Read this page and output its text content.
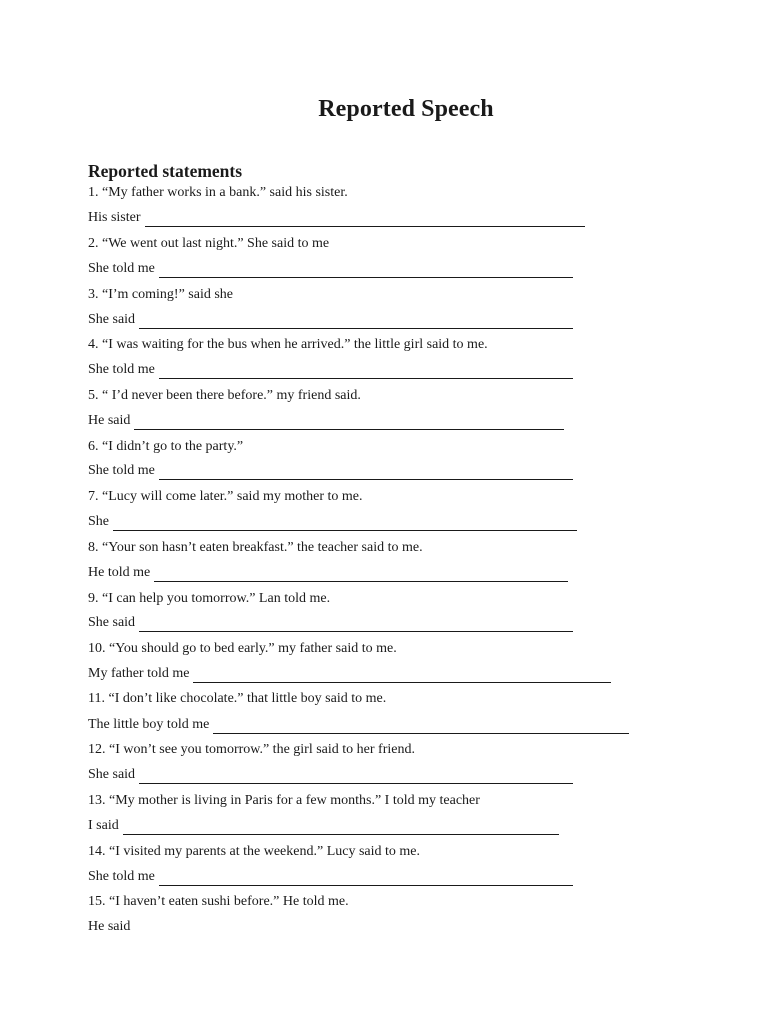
Reported Speech
Reported statements
1. “My father works in a bank.” said his sister.
His sister
2. “We went out last night.” She said to me
She told me
3. “I’m coming!” said she
She said
4. “I was waiting for the bus when he arrived.” the little girl said to me.
She told me
5. “ I’d never been there before.” my friend said.
He said
6. “I didn’t go to the party.”
She told me
7. “Lucy will come later.” said my mother to me.
She
8. “Your son hasn’t eaten breakfast.” the teacher said to me.
He told me
9. “I can help you tomorrow.” Lan told me.
She said
10. “You should go to bed early.” my father said to me.
My father told me
11. “I don’t like chocolate.” that little boy said to me.
The little boy told me
12. “I won’t see you tomorrow.” the girl said to her friend.
She said
13. “My mother is living in Paris for a few months.” I told my teacher
I said
14. “I visited my parents at the weekend.” Lucy said to me.
She told me
15. “I haven’t eaten sushi before.” He told me.
He said
